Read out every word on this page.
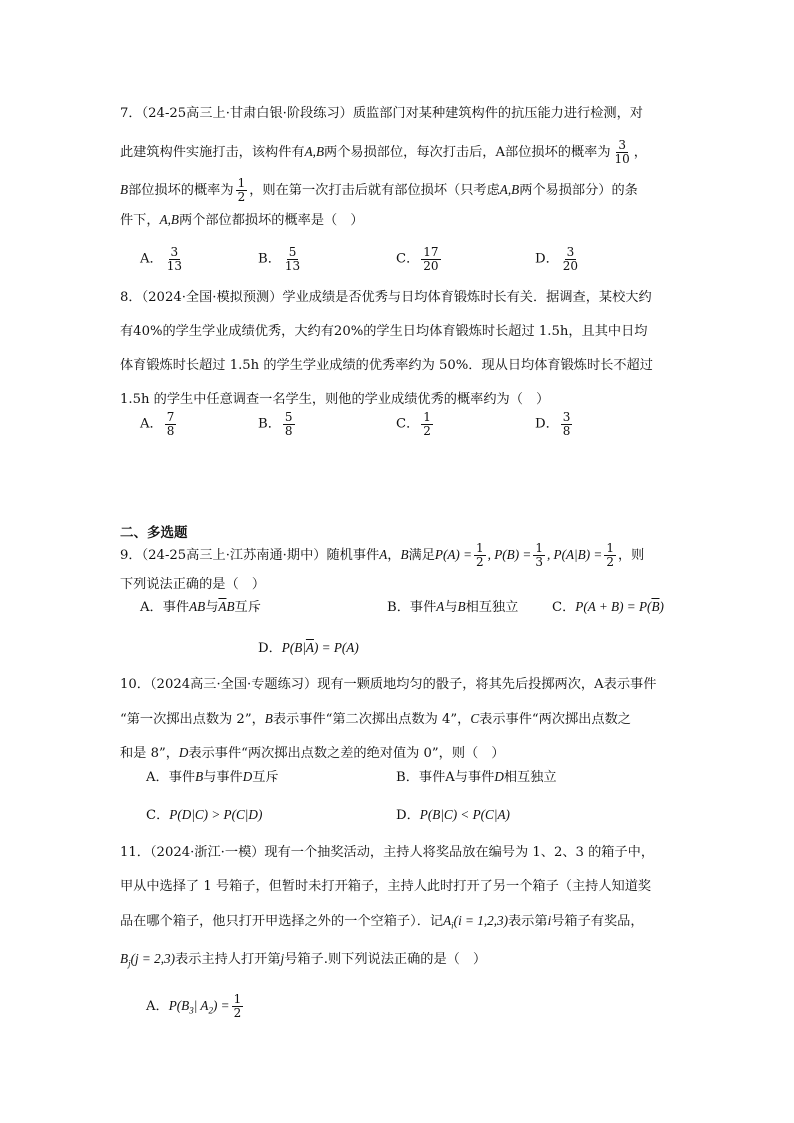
7．（24-25高三上·甘肃白银·阶段练习）质监部门对某种建筑构件的抗压能力进行检测，对
此建筑构件实施打击，该构件有A,B两个易损部位，每次打击后，A部位损坏的概率为 $\frac{3}{10}$ ，
B部位损坏的概率为 $\frac{1}{2}$ ，则在第一次打击后就有部位损坏（只考虑A,B两个易损部分）的条
件下，A,B两个部位都损坏的概率是（　）
A． $\frac{3}{13}$	B． $\frac{5}{13}$	C． $\frac{17}{20}$	D． $\frac{3}{20}$
8．（2024·全国·模拟预测）学业成绩是否优秀与日均体育锻炼时长有关．据调查，某校大约
有40%的学生学业成绩优秀，大约有20%的学生日均体育锻炼时长超过 1.5h，且其中日均
体育锻炼时长超过 1.5h 的学生学业成绩的优秀率约为 50%．现从日均体育锻炼时长不超过
1.5h 的学生中任意调查一名学生，则他的学业成绩优秀的概率约为（　）
A． $\frac{7}{8}$	B． $\frac{5}{8}$	C． $\frac{1}{2}$	D． $\frac{3}{8}$
二、多选题
9．（24-25高三上·江苏南通·期中）随机事件A，B满足$P(A) = \frac{1}{2}$ , $P(B) = \frac{1}{3}$ , $P(A|B) = \frac{1}{2}$ ，则
下列说法正确的是（　）
A．事件AB与$\overline{A}B$互斥	B．事件A与B相互独立	C．$P(A + B) = P(\overline{B})$
D．$P(B|\overline{A}) = P(A)$
10．（2024高三·全国·专题练习）现有一颗质地均匀的骰子，将其先后投掷两次，A表示事件
“第一次掷出点数为 2”，B表示事件“第二次掷出点数为 4”，C表示事件“两次掷出点数之
和是 8”，D表示事件“两次掷出点数之差的绝对值为 0”，则（　）
A．事件B与事件D互斥	B．事件A与事件D相互独立
C．P(D|C) > P(C|D)	D．P(B|C) < P(C|A)
11．（2024·浙江·一模）现有一个抽奖活动，主持人将奖品放在编号为 1、2、3 的箱子中，
甲从中选择了 1 号箱子，但暂时未打开箱子，主持人此时打开了另一个箱子（主持人知道奖
品在哪个箱子，他只打开甲选择之外的一个空箱子）．记$A_i(i = 1,2,3)$表示第i号箱子有奖品，
$B_j(j = 2,3)$表示主持人打开第j号箱子.则下列说法正确的是（　）
A．$P(B_3|$ $A_2) = \frac{1}{2}$
